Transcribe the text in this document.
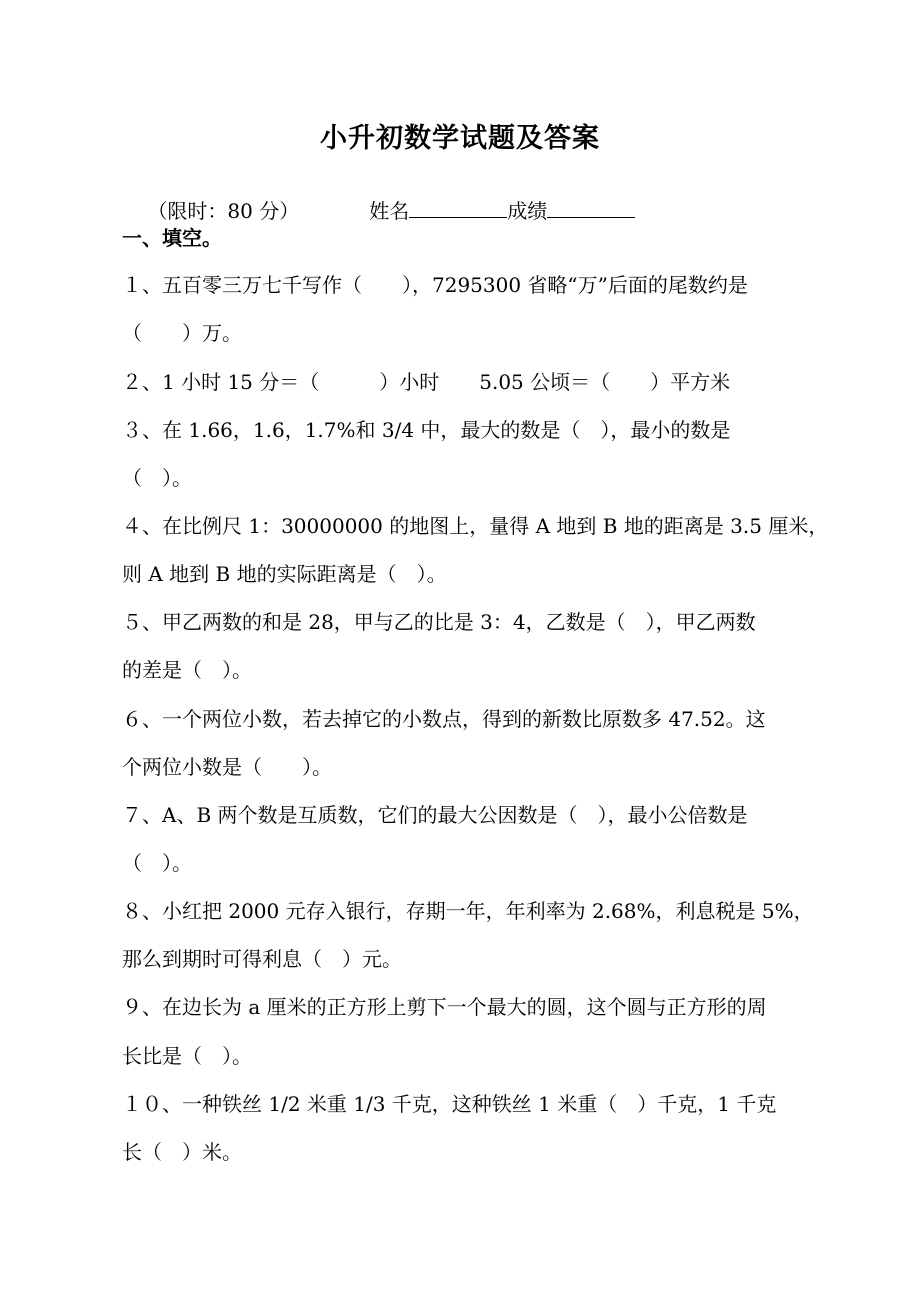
小升初数学试题及答案

（限时：80 分）	姓名	成绩

一、填空。
１、五百零三万七千写作（　　），7295300 省略“万”后面的尾数约是
（　　）万。
２、1 小时 15 分＝（　　　）小时　　5.05 公顷＝（　　）平方米
３、在 1.66，1.6，1.7%和 3/4 中，最大的数是（　），最小的数是
（　）。
４、在比例尺 1：30000000 的地图上，量得 A 地到 B 地的距离是 3.5 厘米，
则 A 地到 B 地的实际距离是（　）。
５、甲乙两数的和是 28，甲与乙的比是 3：4，乙数是（　），甲乙两数
的差是（　）。
６、一个两位小数，若去掉它的小数点，得到的新数比原数多 47.52。这
个两位小数是（　　）。
７、A、B 两个数是互质数，它们的最大公因数是（　），最小公倍数是
（　）。
８、小红把 2000 元存入银行，存期一年，年利率为 2.68%，利息税是 5%，
那么到期时可得利息（　）元。
９、在边长为 a 厘米的正方形上剪下一个最大的圆，这个圆与正方形的周
长比是（　）。
１０、一种铁丝 1/2 米重 1/3 千克，这种铁丝 1 米重（　）千克，1 千克
长（　）米。
